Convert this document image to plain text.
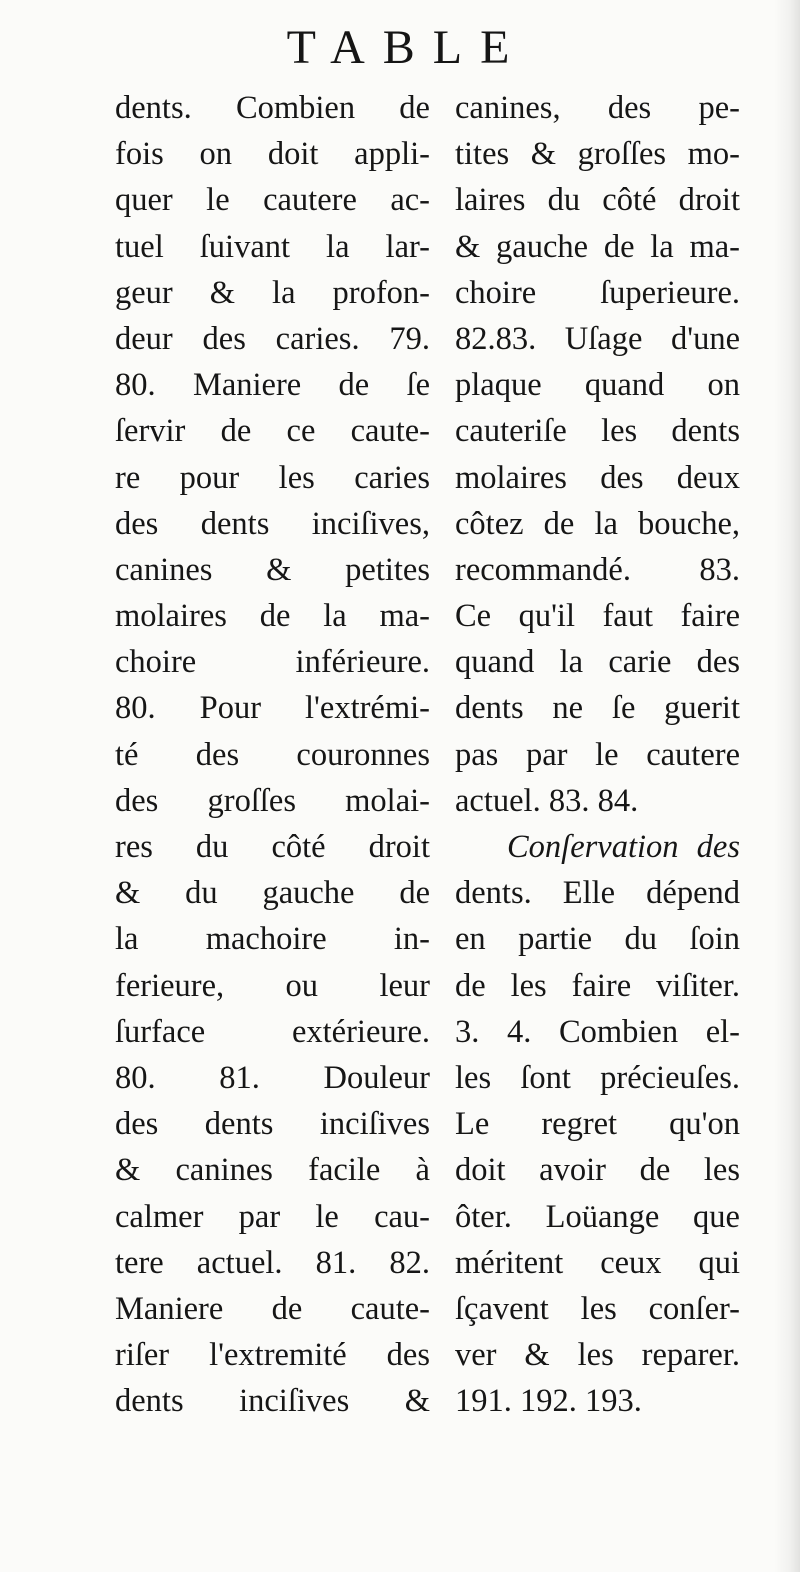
TABLE
dents. Combien de
fois on doit appli-
quer le cautere ac-
tuel ſuivant la lar-
geur & la profon-
deur des caries. 79.
80. Maniere de ſe
ſervir de ce caute-
re pour les caries
des dents inciſives,
canines & petites
molaires de la ma-
choire inférieure.
80. Pour l'extrémi-
té des couronnes
des groſſes molai-
res du côté droit
& du gauche de
la machoire in-
ferieure, ou leur
ſurface extérieure.
80. 81. Douleur
des dents inciſives
& canines facile à
calmer par le cau-
tere actuel. 81. 82.
Maniere de caute-
riſer l'extremité des
dents inciſives &
canines, des pe-
tites & groſſes mo-
laires du côté droit
& gauche de la ma-
choire ſuperieure.
82.83. Uſage d'une
plaque quand on
cauteriſe les dents
molaires des deux
côtez de la bouche,
recommandé. 83.
Ce qu'il faut faire
quand la carie des
dents ne ſe guerit
pas par le cautere
actuel. 83. 84.
Conſervation des
dents. Elle dépend
en partie du ſoin
de les faire viſiter.
3. 4. Combien el-
les ſont précieuſes.
Le regret qu'on
doit avoir de les
ôter. Loüange que
méritent ceux qui
ſçavent les conſer-
ver & les reparer.
191. 192. 193.
